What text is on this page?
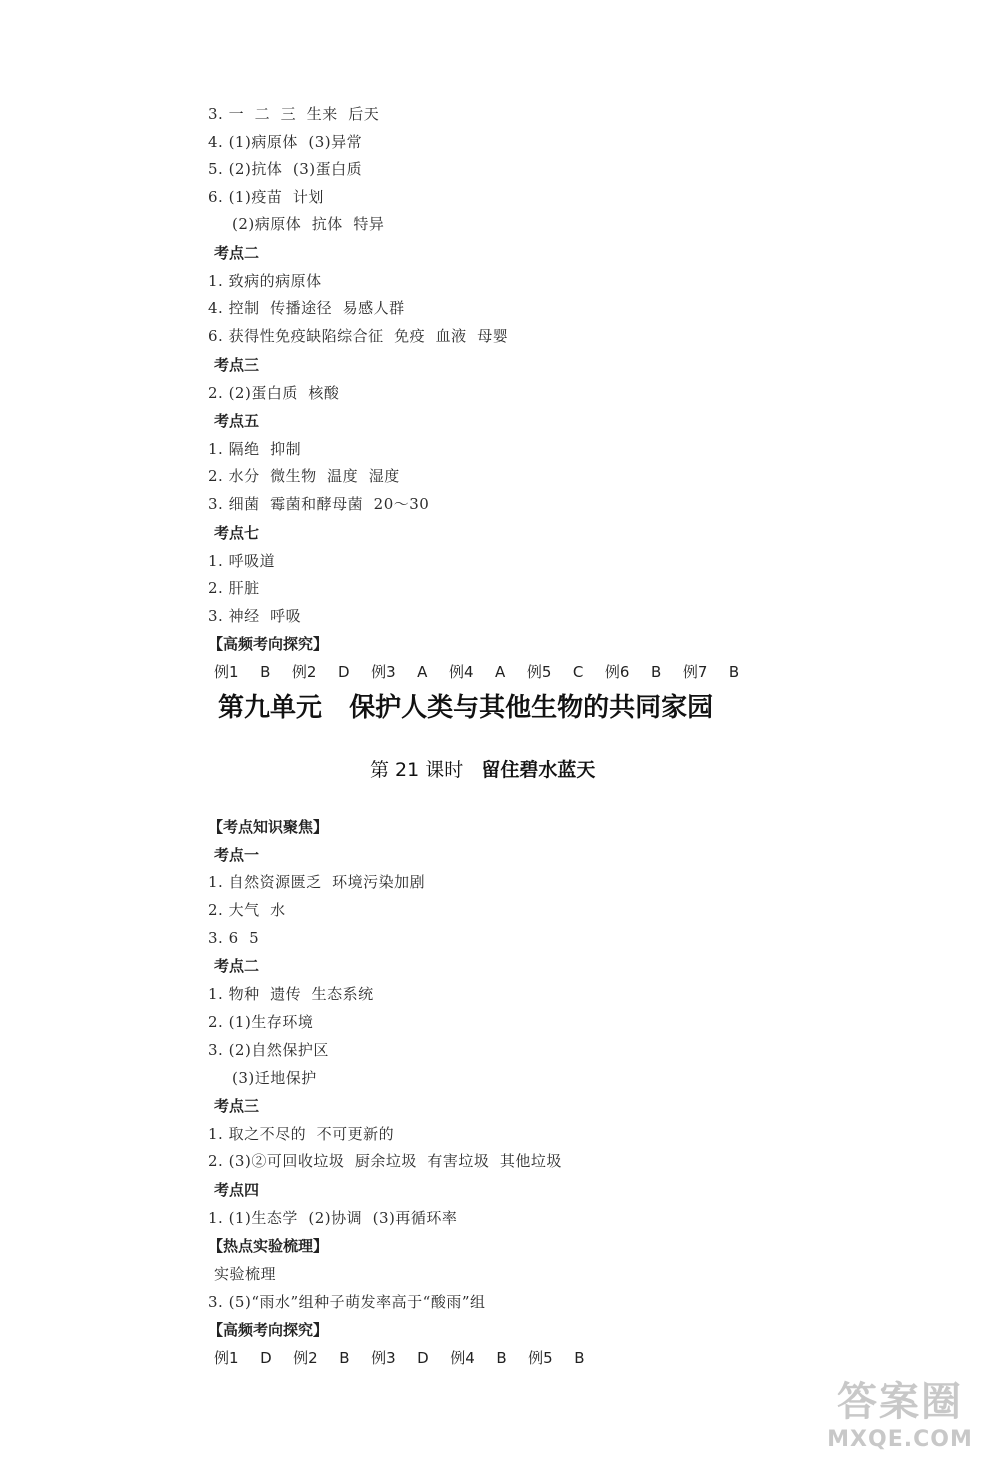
3. 一  二  三  生来  后天
4. (1)病原体  (3)异常
5. (2)抗体  (3)蛋白质
6. (1)疫苗  计划
(2)病原体  抗体  特异
考点二
1. 致病的病原体
4. 控制  传播途径  易感人群
6. 获得性免疫缺陷综合征  免疫  血液  母婴
考点三
2. (2)蛋白质  核酸
考点五
1. 隔绝  抑制
2. 水分  微生物  温度  湿度
3. 细菌  霉菌和酵母菌  20～30
考点七
1. 呼吸道
2. 肝脏
3. 神经  呼吸
【高频考向探究】
例1  B  例2  D  例3  A  例4  A  例5  C  例6  B  例7  B
第九单元   保护人类与其他生物的共同家园
第 21 课时 留住碧水蓝天
【考点知识聚焦】
考点一
1. 自然资源匮乏  环境污染加剧
2. 大气  水
3. 6  5
考点二
1. 物种  遗传  生态系统
2. (1)生存环境
3. (2)自然保护区
(3)迁地保护
考点三
1. 取之不尽的  不可更新的
2. (3)②可回收垃圾  厨余垃圾  有害垃圾  其他垃圾
考点四
1. (1)生态学  (2)协调  (3)再循环率
【热点实验梳理】
实验梳理
3. (5)“雨水”组种子萌发率高于“酸雨”组
【高频考向探究】
例1  D  例2  B  例3  D  例4  B  例5  B
答案圈
MXQE.COM
